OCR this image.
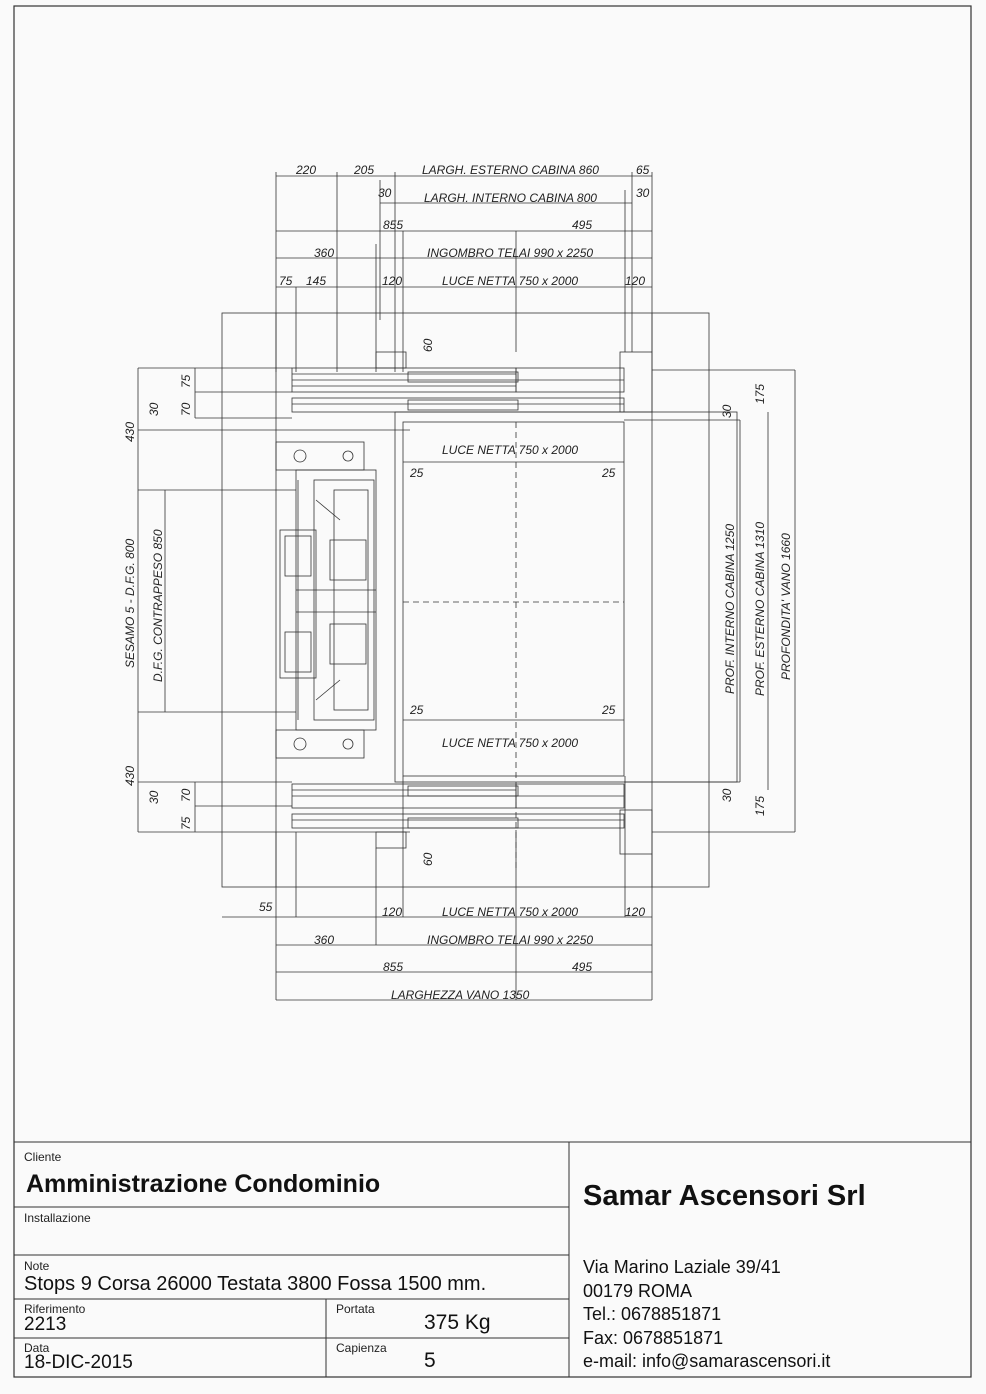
220	205	LARGH. ESTERNO CABINA 860	65
30	LARGH. INTERNO CABINA 800	30
855	495
360	INGOMBRO TELAI 990 x 2250
75 145	120	LUCE NETTA 750 x 2000	120
60
LUCE NETTA 750 x 2000
25	25
25	25
LUCE NETTA 750 x 2000
60
430
30
75
70
SESAMO 5 - D.F.G. 800 D.F.G. CONTRAPPESO 850
430
30 70
75
30
175
PROF. INTERNO CABINA 1250 PROF. ESTERNO CABINA 1310 PROFONDITA' VANO 1660
30
175
55	120	LUCE NETTA 750 x 2000	120
360	INGOMBRO TELAI 990 x 2250
855	495
LARGHEZZA VANO 1350
Cliente
Amministrazione Condominio
Installazione
Note
Stops 9 Corsa 26000 Testata 3800 Fossa 1500 mm.
Riferimento
2213
Portata
375 Kg
Data
18-DIC-2015
Capienza
5
Samar Ascensori Srl
Via Marino Laziale 39/41
00179 ROMA
Tel.: 0678851871
Fax: 0678851871
e-mail: info@samarascensori.it
